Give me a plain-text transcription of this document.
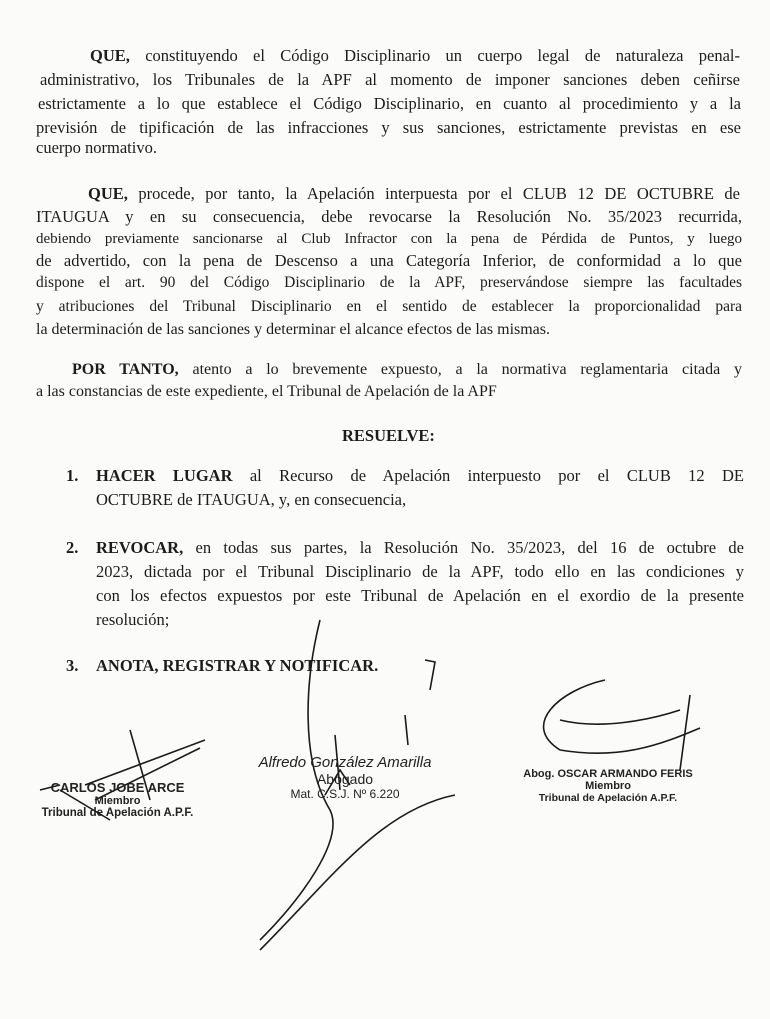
QUE, constituyendo el Código Disciplinario un cuerpo legal de naturaleza penal-
administrativo, los Tribunales de la APF al momento de imponer sanciones deben ceñirse
estrictamente a lo que establece el Código Disciplinario, en cuanto al procedimiento y a la
previsión de tipificación de las infracciones y sus sanciones, estrictamente previstas en ese
cuerpo normativo.
QUE, procede, por tanto, la Apelación interpuesta por el CLUB 12 DE OCTUBRE de
ITAUGUA y en su consecuencia, debe revocarse la Resolución No. 35/2023 recurrida,
debiendo previamente sancionarse al Club Infractor con la pena de Pérdida de Puntos, y luego
de advertido, con la pena de Descenso a una Categoría Inferior, de conformidad a lo que
dispone el art. 90 del Código Disciplinario de la APF, preservándose siempre las facultades
y atribuciones del Tribunal Disciplinario en el sentido de establecer la proporcionalidad para
la determinación de las sanciones y determinar el alcance efectos de las mismas.
POR TANTO, atento a lo brevemente expuesto, a la normativa reglamentaria citada y
a las constancias de este expediente, el Tribunal de Apelación de la APF
RESUELVE:
1. HACER LUGAR al Recurso de Apelación interpuesto por el CLUB 12 DE
OCTUBRE de ITAUGUA, y, en consecuencia,
2. REVOCAR, en todas sus partes, la Resolución No. 35/2023, del 16 de octubre de
2023, dictada por el Tribunal Disciplinario de la APF, todo ello en las condiciones y
con los efectos expuestos por este Tribunal de Apelación en el exordio de la presente
resolución;
3. ANOTA, REGISTRAR Y NOTIFICAR.
CARLOS JOBE ARCE
Miembro
Tribunal de Apelación A.P.F.
Alfredo González Amarilla
Abogado
Mat. C.S.J. Nº 6.220
Abog. OSCAR ARMANDO FERIS
Miembro
Tribunal de Apelación A.P.F.
